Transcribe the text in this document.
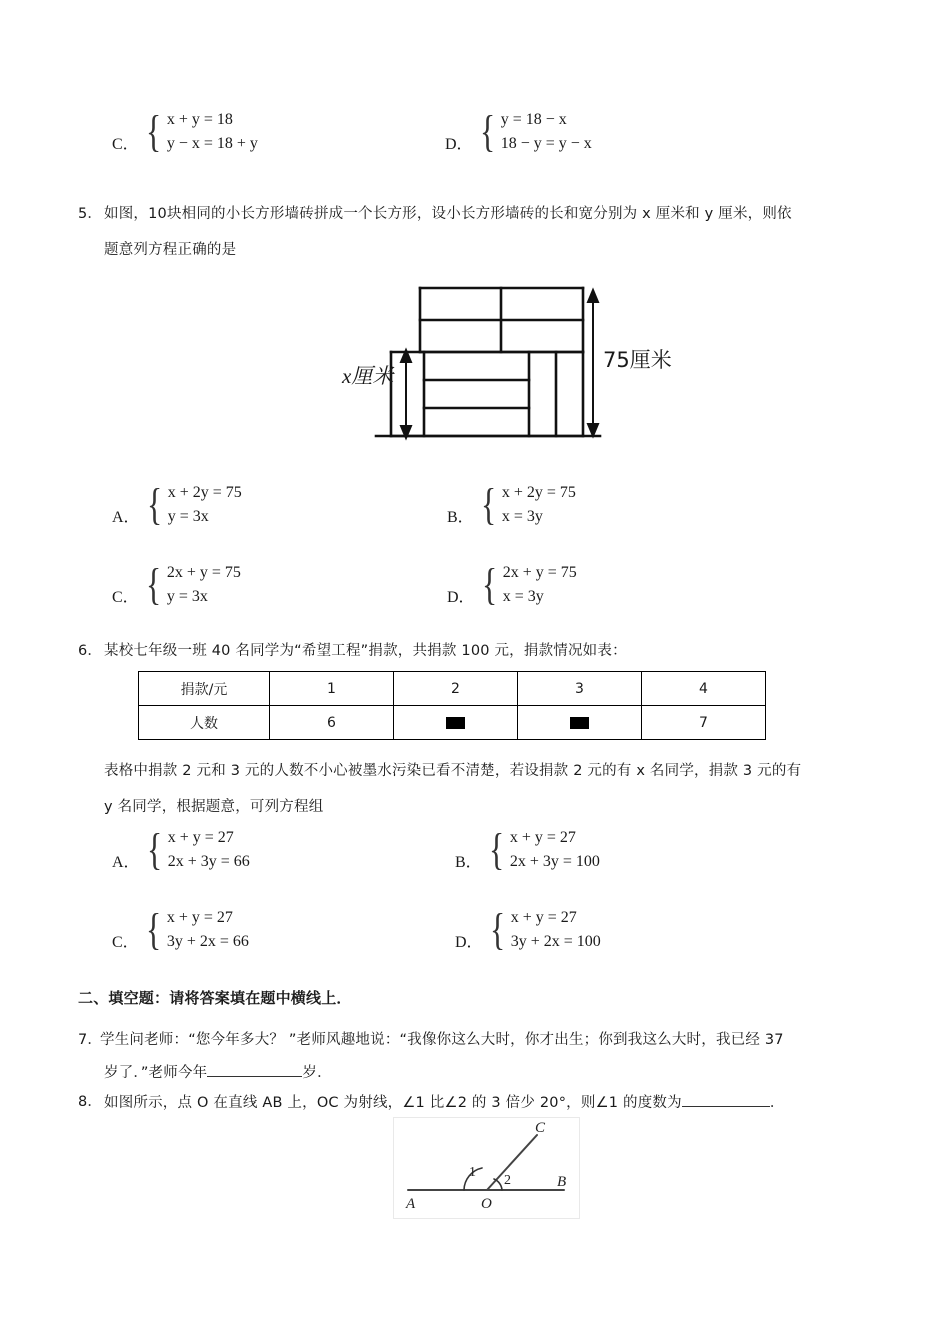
C． { x + y = 18
y − x = 18 + y	D． { y = 18 − x
18 − y = y − x
5． 如图，10块相同的小长方形墙砖拼成一个长方形，设小长方形墙砖的长和宽分别为 x 厘米和 y 厘米，则依
题意列方程正确的是
x厘米
75厘米
A． { x + 2y = 75
y = 3x	B． { x + 2y = 75
x = 3y
C． { 2x + y = 75
y = 3x	D． { 2x + y = 75
x = 3y
6． 某校七年级一班 40 名同学为“希望工程”捐款，共捐款 100 元，捐款情况如表：
捐款/元	1	2	3	4
人数	6			7
表格中捐款 2 元和 3 元的人数不小心被墨水污染已看不清楚，若设捐款 2 元的有 x 名同学，捐款 3 元的有
y 名同学，根据题意，可列方程组
A． { x + y = 27
2x + 3y = 66	B． { x + y = 27
2x + 3y = 100
C． { x + y = 27
3y + 2x = 66	D． { x + y = 27
3y + 2x = 100
二、填空题：请将答案填在题中横线上．
7．
学生问老师：“您今年多大？ ”老师风趣地说：“我像你这么大时，你才出生；你到我这么大时，我已经 37
岁了．”老师今年	岁．
8． 如图所示，点 O 在直线 AB 上，OC 为射线，∠1 比∠2 的 3 倍少 20°，则∠1 的度数为	．
1
2
C
A
B
O
